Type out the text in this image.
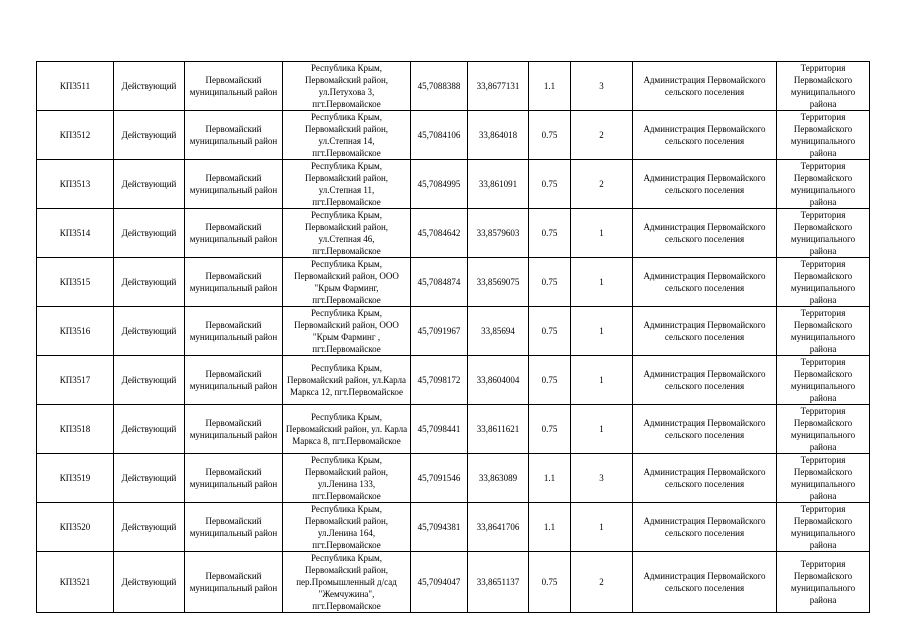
КП3511	Действующий	Первомайский муниципальный район	Республика Крым, Первомайский район, ул.Петухова 3, пгт.Первомайское	45,7088388	33,8677131	1.1	3	Администрация Первомайского сельского поселения	Территория Первомайского муниципального района
КП3512	Действующий	Первомайский муниципальный район	Республика Крым, Первомайский район, ул.Степная 14, пгт.Первомайское	45,7084106	33,864018	0.75	2	Администрация Первомайского сельского поселения	Территория Первомайского муниципального района
КП3513	Действующий	Первомайский муниципальный район	Республика Крым, Первомайский район, ул.Степная 11, пгт.Первомайское	45,7084995	33,861091	0.75	2	Администрация Первомайского сельского поселения	Территория Первомайского муниципального района
КП3514	Действующий	Первомайский муниципальный район	Республика Крым, Первомайский район, ул.Степная 46, пгт.Первомайское	45,7084642	33,8579603	0.75	1	Администрация Первомайского сельского поселения	Территория Первомайского муниципального района
КП3515	Действующий	Первомайский муниципальный район	Республика Крым, Первомайский район, ООО "Крым Фарминг, пгт.Первомайское	45,7084874	33,8569075	0.75	1	Администрация Первомайского сельского поселения	Территория Первомайского муниципального района
КП3516	Действующий	Первомайский муниципальный район	Республика Крым, Первомайский район, ООО "Крым Фарминг , пгт.Первомайское	45,7091967	33,85694	0.75	1	Администрация Первомайского сельского поселения	Территория Первомайского муниципального района
КП3517	Действующий	Первомайский муниципальный район	Республика Крым, Первомайский район, ул.Карла Маркса 12, пгт.Первомайское	45,7098172	33,8604004	0.75	1	Администрация Первомайского сельского поселения	Территория Первомайского муниципального района
КП3518	Действующий	Первомайский муниципальный район	Республика Крым, Первомайский район, ул. Карла Маркса 8, пгт.Первомайское	45,7098441	33,8611621	0.75	1	Администрация Первомайского сельского поселения	Территория Первомайского муниципального района
КП3519	Действующий	Первомайский муниципальный район	Республика Крым, Первомайский район, ул.Ленина 133, пгт.Первомайское	45,7091546	33,863089	1.1	3	Администрация Первомайского сельского поселения	Территория Первомайского муниципального района
КП3520	Действующий	Первомайский муниципальный район	Республика Крым, Первомайский район, ул.Ленина 164, пгт.Первомайское	45,7094381	33,8641706	1.1	1	Администрация Первомайского сельского поселения	Территория Первомайского муниципального района
КП3521	Действующий	Первомайский муниципальный район	Республика Крым, Первомайский район, пер.Промышленный д/сад "Жемчужина", пгт.Первомайское	45,7094047	33,8651137	0.75	2	Администрация Первомайского сельского поселения	Территория Первомайского муниципального района
